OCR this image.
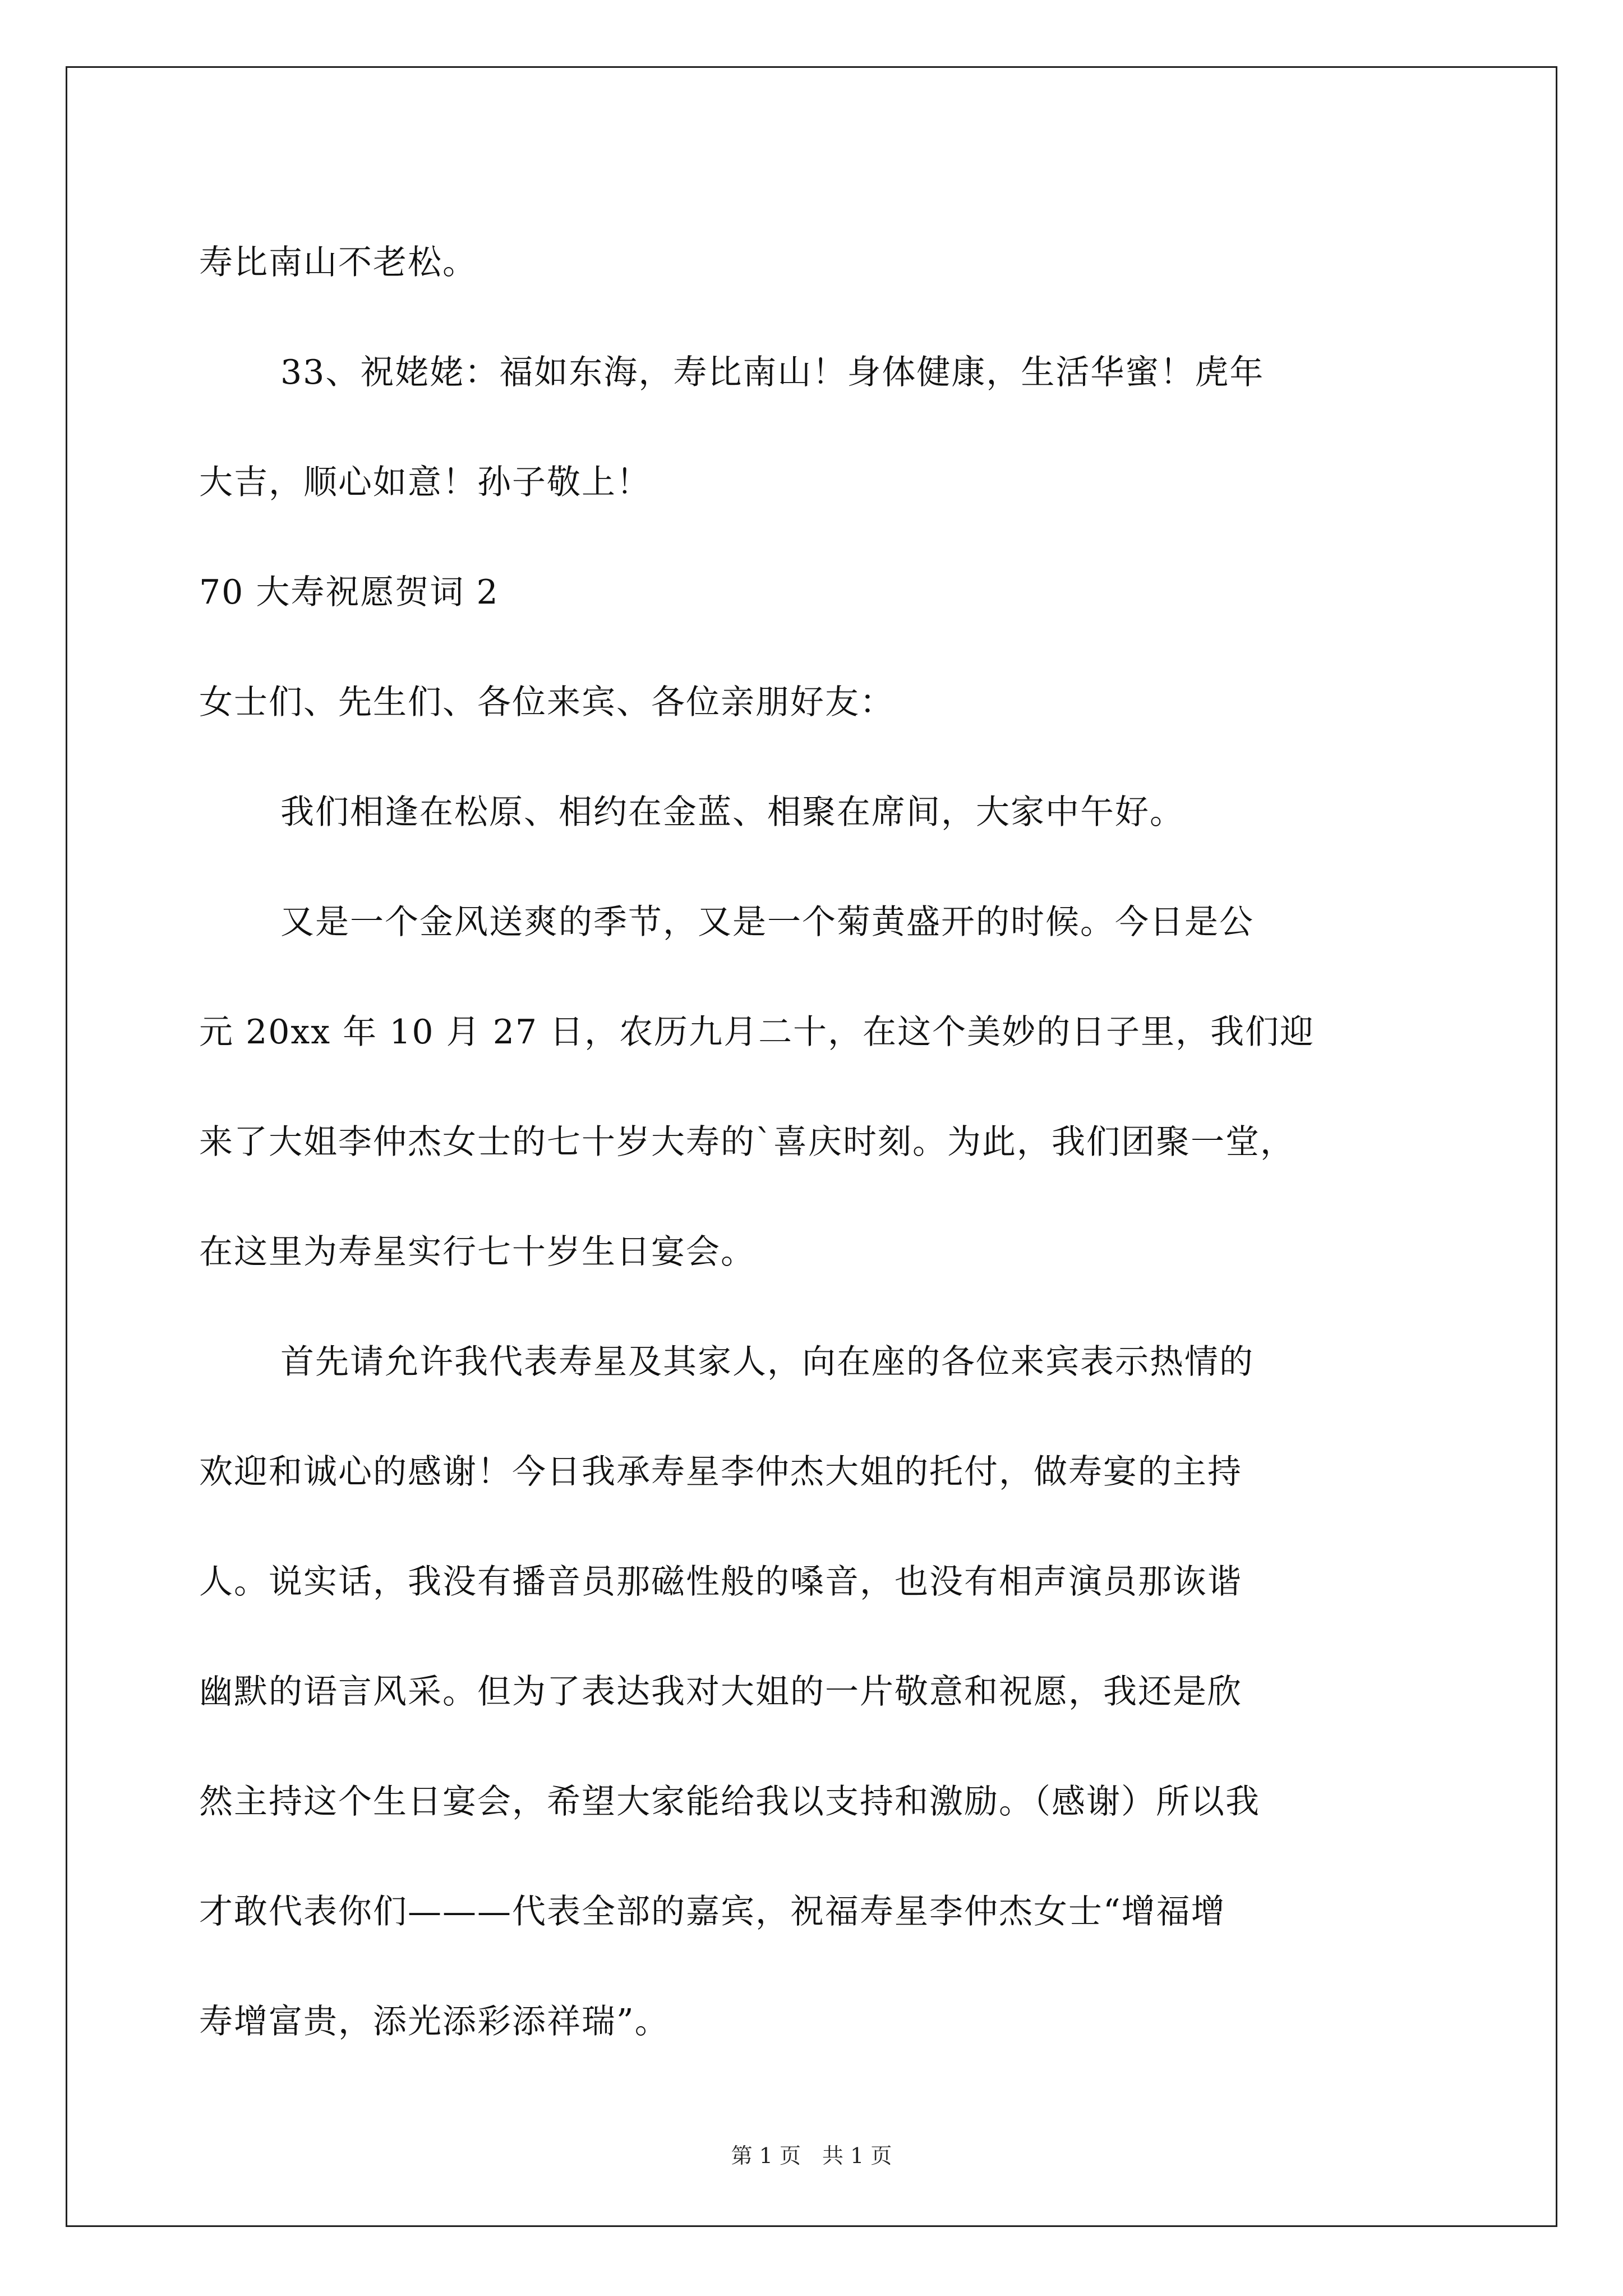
寿比南山不老松。
33、祝姥姥：福如东海，寿比南山！身体健康，生活华蜜！虎年
大吉，顺心如意！孙子敬上！
70 大寿祝愿贺词 2
女士们、先生们、各位来宾、各位亲朋好友：
我们相逢在松原、相约在金蓝、相聚在席间，大家中午好。
又是一个金风送爽的季节，又是一个菊黄盛开的时候。今日是公
元 20xx 年 10 月 27 日，农历九月二十，在这个美妙的日子里，我们迎
来了大姐李仲杰女士的七十岁大寿的`喜庆时刻。为此，我们团聚一堂，
在这里为寿星实行七十岁生日宴会。
首先请允许我代表寿星及其家人，向在座的各位来宾表示热情的
欢迎和诚心的感谢！今日我承寿星李仲杰大姐的托付，做寿宴的主持
人。说实话，我没有播音员那磁性般的嗓音，也没有相声演员那诙谐
幽默的语言风采。但为了表达我对大姐的一片敬意和祝愿，我还是欣
然主持这个生日宴会，希望大家能给我以支持和激励。（感谢）所以我
才敢代表你们———代表全部的嘉宾，祝福寿星李仲杰女士“增福增
寿增富贵，添光添彩添祥瑞”。
第 1 页　共 1 页
